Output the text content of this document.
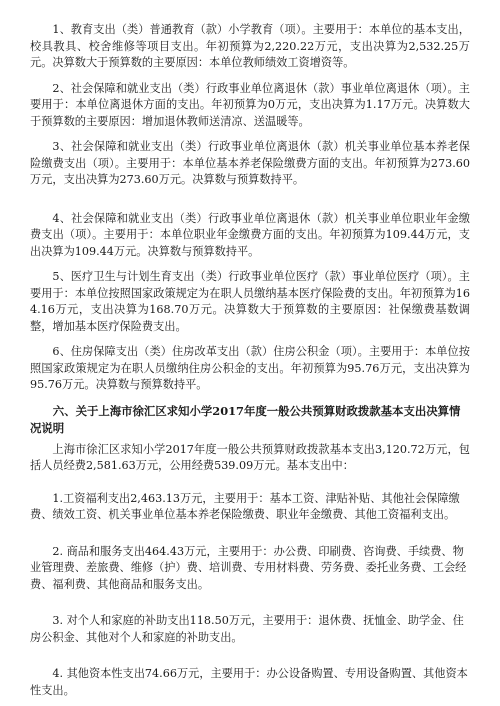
1、教育支出（类）普通教育（款）小学教育（项）。主要用于：本单位的基本支出，校具教具、校舍维修等项目支出。年初预算为2,220.22万元，支出决算为2,532.25万元。决算数大于预算数的主要原因：本单位教师绩效工资增资等。

2、社会保障和就业支出（类）行政事业单位离退休（款）事业单位离退休（项）。主要用于：本单位离退休方面的支出。年初预算为0万元，支出决算为1.17万元。决算数大于预算数的主要原因：增加退休教师送清凉、送温暖等。

3、社会保障和就业支出（类）行政事业单位离退休（款）机关事业单位基本养老保险缴费支出（项）。主要用于：本单位基本养老保险缴费方面的支出。年初预算为273.60万元，支出决算为273.60万元。决算数与预算数持平。

4、社会保障和就业支出（类）行政事业单位离退休（款）机关事业单位职业年金缴费支出（项）。主要用于：本单位职业年金缴费方面的支出。年初预算为109.44万元，支出决算为109.44万元。决算数与预算数持平。

5、医疗卫生与计划生育支出（类）行政事业单位医疗（款）事业单位医疗（项）。主要用于：本单位按照国家政策规定为在职人员缴纳基本医疗保险费的支出。年初预算为164.16万元，支出决算为168.70万元。决算数大于预算数的主要原因：社保缴费基数调整，增加基本医疗保险费支出。

6、住房保障支出（类）住房改革支出（款）住房公积金（项）。主要用于：本单位按照国家政策规定为在职人员缴纳住房公积金的支出。年初预算为95.76万元，支出决算为95.76万元。决算数与预算数持平。

六、关于上海市徐汇区求知小学2017年度一般公共预算财政拨款基本支出决算情况说明

上海市徐汇区求知小学2017年度一般公共预算财政拨款基本支出3,120.72万元，包括人员经费2,581.63万元，公用经费539.09万元。基本支出中：

1.工资福利支出2,463.13万元，主要用于：基本工资、津贴补贴、其他社会保障缴费、绩效工资、机关事业单位基本养老保险缴费、职业年金缴费、其他工资福利支出。

2. 商品和服务支出464.43万元，主要用于：办公费、印刷费、咨询费、手续费、物业管理费、差旅费、维修（护）费、培训费、专用材料费、劳务费、委托业务费、工会经费、福利费、其他商品和服务支出。

3. 对个人和家庭的补助支出118.50万元，主要用于：退休费、抚恤金、助学金、住房公积金、其他对个人和家庭的补助支出。

4. 其他资本性支出74.66万元，主要用于：办公设备购置、专用设备购置、其他资本性支出。
